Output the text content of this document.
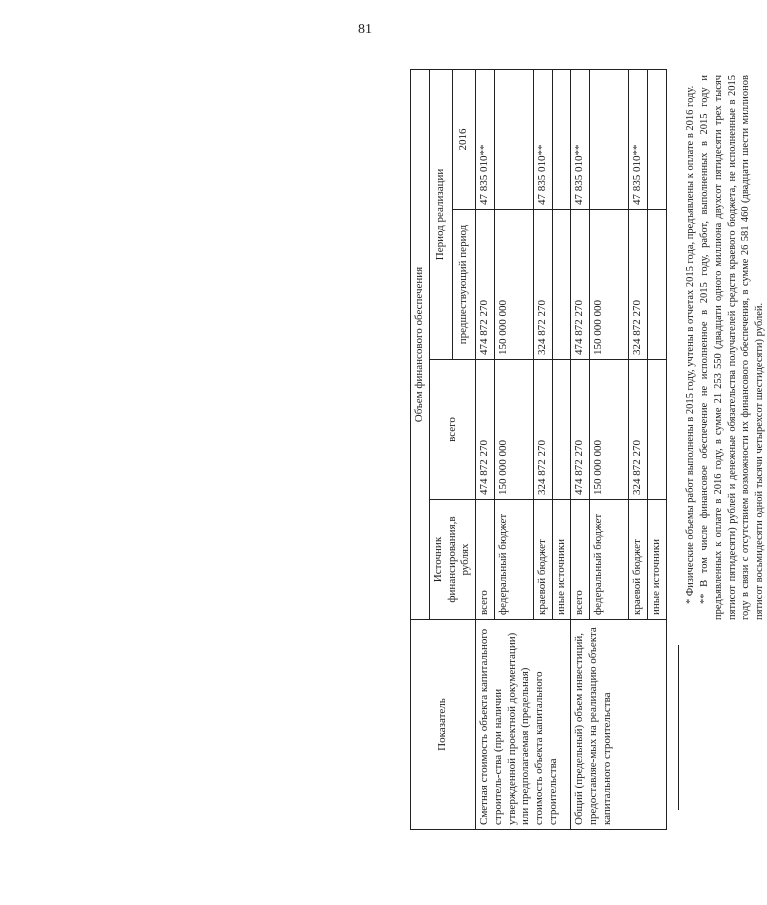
81
Показатель	Объем финансового обеспечения			
	Источник финансирования,в рублях	всего	Период реализации	
			предшествующий период	2016
Сметная стоимость объекта капитального строитель-ства (при наличии утвержденной проектной документации) или предполагаемая (предельная) стоимость объекта капитального строительства	всего	474 872 270	474 872 270	47 835 010**
	федеральный бюджет	150 000 000	150 000 000	
	краевой бюджет	324 872 270	324 872 270	47 835 010**
	иные источники			
Общий (предельный) объем инвестиций, предоставляе-мых на реализацию объекта капитального строительства	всего	474 872 270	474 872 270	47 835 010**
	федеральный бюджет	150 000 000	150 000 000	
	краевой бюджет	324 872 270	324 872 270	47 835 010**
	иные источники			* Физические объемы работ выполнены в 2015 году, учтены в отчетах 2015 года, предъявлены к оплате в 2016 году. ** В том числе финансовое обеспечение не исполненное в 2015 году, работ, выполненных в 2015 году и предъявленных к оплате в 2016 году, в сумме 21 253 550 (двадцати одного миллиона двухсот пятидесяти трех тысяч пятисот пятидесяти) рублей и денежные обязательства получателей средств краевого бюджета, не исполненные в 2015 году в связи с отсутствием возможности их финансового обеспечения, в сумме 26 581 460 (двадцати шести миллионов пятисот восьмидесяти одной тысячи четырехсот шестидесяти) рублей.
